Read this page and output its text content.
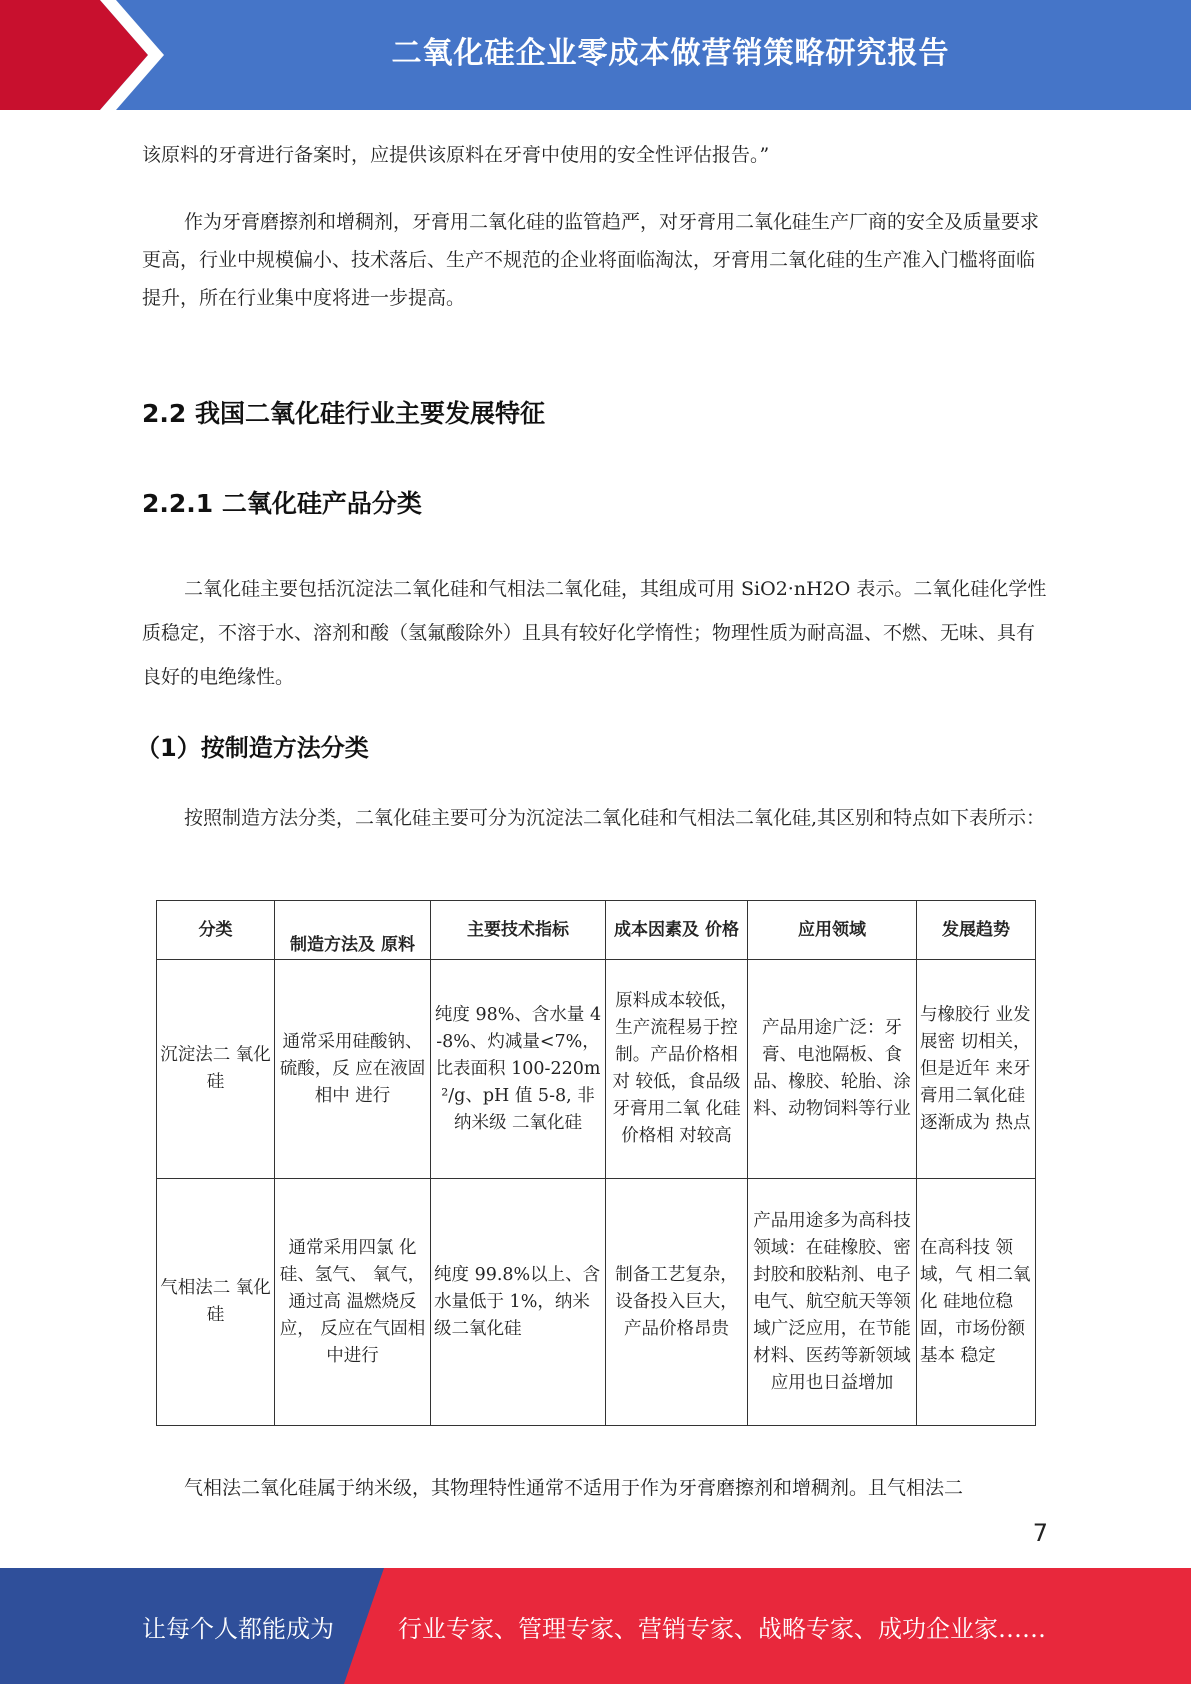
二氧化硅企业零成本做营销策略研究报告

该原料的牙膏进行备案时，应提供该原料在牙膏中使用的安全性评估报告。”

作为牙膏磨擦剂和增稠剂，牙膏用二氧化硅的监管趋严，对牙膏用二氧化硅生产厂商的安全及质量要求更高，行业中规模偏小、技术落后、生产不规范的企业将面临淘汰，牙膏用二氧化硅的生产准入门槛将面临提升，所在行业集中度将进一步提高。

2.2 我国二氧化硅行业主要发展特征
2.2.1 二氧化硅产品分类

二氧化硅主要包括沉淀法二氧化硅和气相法二氧化硅，其组成可用 SiO2·nH2O 表示。二氧化硅化学性质稳定，不溶于水、溶剂和酸（氢氟酸除外）且具有较好化学惰性；物理性质为耐高温、不燃、无味、具有良好的电绝缘性。

（1）按制造方法分类

按照制造方法分类，二氧化硅主要可分为沉淀法二氧化硅和气相法二氧化硅,其区别和特点如下表所示：

分类	制造方法及 原料	主要技术指标	成本因素及 价格	应用领域	发展趋势
沉淀法二 氧化硅	通常采用硅酸钠、硫酸，反 应在液固相中 进行	纯度 98%、含水量 4-8%、灼减量<7%，比表面积 100-220m²/g、pH 值 5-8, 非纳米级 二氧化硅	原料成本较低，生产流程易于控制。产品价格相对 较低，食品级牙膏用二氧 化硅价格相 对较高	产品用途广泛：牙膏、电池隔板、食品、橡胶、轮胎、涂料、动物饲料等行业	与橡胶行 业发展密 切相关， 但是近年 来牙膏用二氧化硅 逐渐成为 热点
气相法二 氧化硅	通常采用四氯 化硅、氢气、 氧气，通过高 温燃烧反应， 反应在气固相 中进行	纯度 99.8%以上、含水量低于 1%，纳米级二氧化硅	制备工艺复杂，设备投入巨大，产品价格昂贵	产品用途多为高科技领域：在硅橡胶、密封胶和胶粘剂、电子电气、航空航天等领域广泛应用，在节能材料、医药等新领域应用也日益增加	在高科技 领域，气 相二氧化 硅地位稳 固，市场份额基本 稳定

气相法二氧化硅属于纳米级，其物理特性通常不适用于作为牙膏磨擦剂和增稠剂。且气相法二

7
让每个人都能成为	行业专家、管理专家、营销专家、战略专家、成功企业家……
